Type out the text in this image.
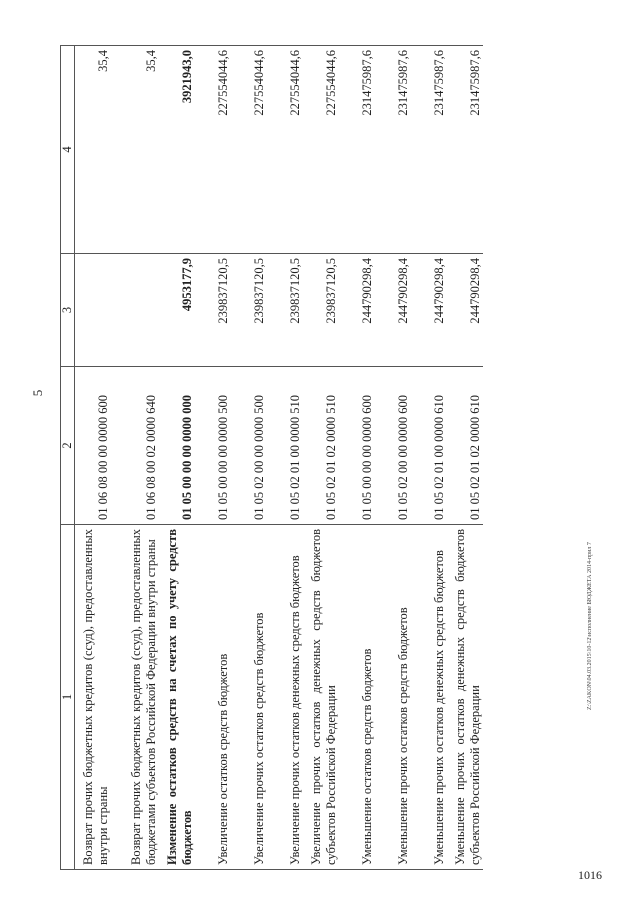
5
1	2	3	4
Возврат прочих бюджетных кредитов (ссуд), предоставленных внутри страны	01 06 08 00 00 0000 600		35,4
Возврат прочих бюджетных кредитов (ссуд), предоставленных бюджетами субъектов Российской Федерации внутри страны	01 06 08 00 02 0000 640		35,4
Изменение остатков средств на счетах по учету средств бюджетов	01 05 00 00 00 0000 000	4953177,9	3921943,0
Увеличение остатков средств бюджетов	01 05 00 00 00 0000 500	239837120,5	227554044,6
Увеличение прочих остатков средств бюджетов	01 05 02 00 00 0000 500	239837120,5	227554044,6
Увеличение прочих остатков денежных средств бюджетов	01 05 02 01 00 0000 510	239837120,5	227554044,6
Увеличение прочих остатков денежных средств бюджетов субъектов Российской Федерации	01 05 02 01 02 0000 510	239837120,5	227554044,6
Уменьшение остатков средств бюджетов	01 05 00 00 00 0000 600	244790298,4	231475987,6
Уменьшение прочих остатков средств бюджетов	01 05 02 00 00 0000 600	244790298,4	231475987,6
Уменьшение прочих остатков денежных средств бюджетов	01 05 02 01 00 0000 610	244790298,4	231475987,6
Уменьшение прочих остатков денежных средств бюджетов субъектов Российской Федерации	01 05 02 01 02 0000 610	244790298,4	231475987,6
Z:\ZAKON\04.03.2015\10-12\исполнение БЮДЖЕТА 2014-прил 7
1016
